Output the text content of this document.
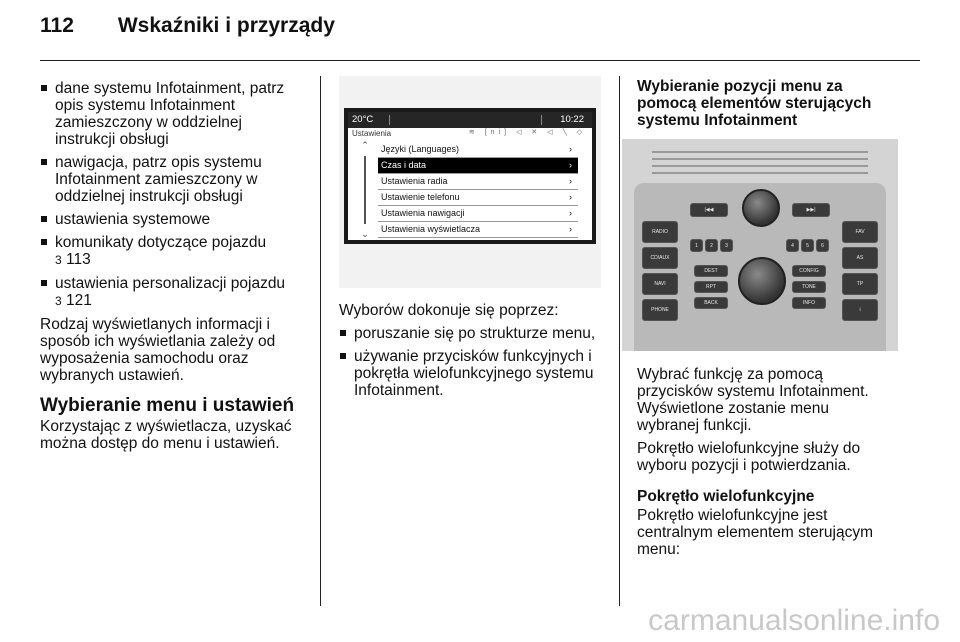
112 Wskaźniki i przyrządy
dane systemu Infotainment, patrz opis systemu Infotainment zamieszczony w oddzielnej instrukcji obsługi
nawigacja, patrz opis systemu Infotainment zamieszczony w oddzielnej instrukcji obsługi
ustawienia systemowe
komunikaty dotyczące pojazdu
3 113
ustawienia personalizacji pojazdu
3 121

Rodzaj wyświetlanych informacji i sposób ich wyświetlania zależy od wyposażenia samochodu oraz wybranych ustawień.

Wybieranie menu i ustawień

Korzystając z wyświetlacza, uzyskać można dostęp do menu i ustawień.

20°C	10:22
Ustawienia	≋ [ni] ◁ ✕ ◁ ╲ ◇
⌃
⌄
Języki (Languages)	›
Czas i data	›
Ustawienia radia	›
Ustawienie telefonu	›
Ustawienia nawigacji	›
Ustawienia wyświetlacza	›

Wyborów dokonuje się poprzez:

poruszanie się po strukturze menu,
używanie przycisków funkcyjnych i pokrętła wielofunkcyjnego systemu Infotainment.
Wybieranie pozycji menu za pomocą elementów sterujących systemu Infotainment
RADIO
CD/AUX
NAVI
PHONE
FAV
AS
TP
i
|◀◀	▶▶|
1	2	3	4	5	6
DEST	CONFIG
RPT	TONE
BACK	INFO

Wybrać funkcję za pomocą przycisków systemu Infotainment. Wyświetlone zostanie menu wybranej funkcji.

Pokrętło wielofunkcyjne służy do wyboru pozycji i potwierdzania.

Pokrętło wielofunkcyjne

Pokrętło wielofunkcyjne jest centralnym elementem sterującym menu:

carmanualsonline.info
